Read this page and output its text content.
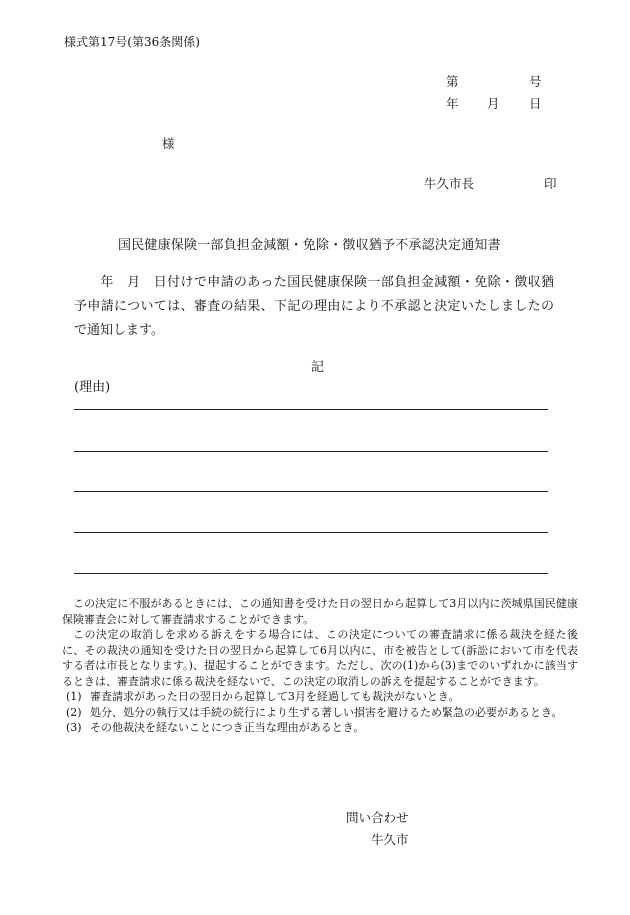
様式第17号(第36条関係)
第	号
年 月 日
様
牛久市長	印
国民健康保険一部負担金減額・免除・徴収猶予不承認決定通知書

　年　月　日付けで申請のあった国民健康保険一部負担金減額・免除・徴収猶予申請については、審査の結果、下記の理由により不承認と決定いたしましたので通知します。

記
(理由)

この決定に不服があるときには、この通知書を受けた日の翌日から起算して3月以内に茨城県国民健康保険審査会に対して審査請求することができます。

この決定の取消しを求める訴えをする場合には、この決定についての審査請求に係る裁決を経た後に、その裁決の通知を受けた日の翌日から起算して6月以内に、市を被告として(訴訟において市を代表する者は市長となります。)、提起することができます。ただし、次の(1)から(3)までのいずれかに該当するときは、審査請求に係る裁決を経ないで、この決定の取消しの訴えを提起することができます。

(1) 審査請求があった日の翌日から起算して3月を経過しても裁決がないとき。
(2) 処分、処分の執行又は手続の続行により生ずる著しい損害を避けるため緊急の必要があるとき。
(3) その他裁決を経ないことにつき正当な理由があるとき。
問い合わせ
牛久市
